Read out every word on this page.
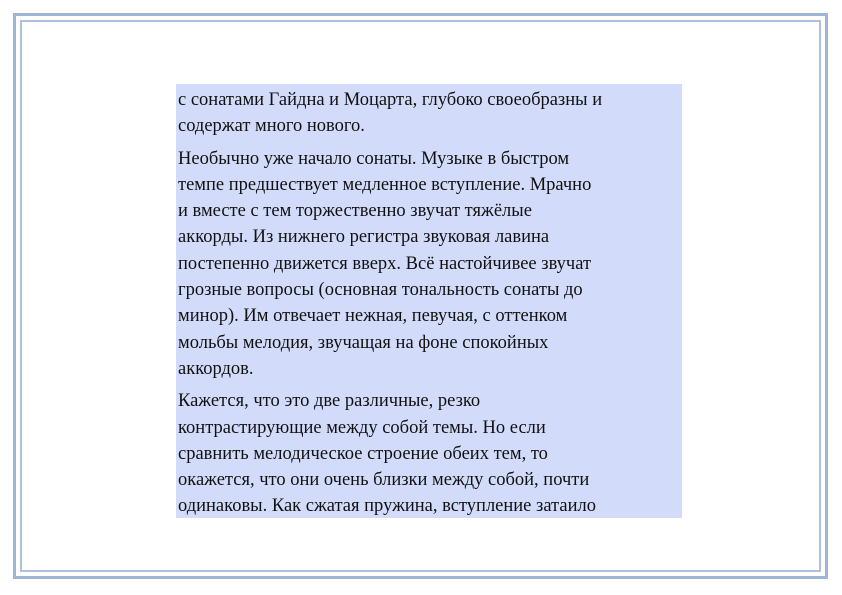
с сонатами Гайдна и Моцарта, глубоко своеобразны и
содержат много нового.

Необычно уже начало сонаты. Музыке в быстром
темпе предшествует медленное вступление. Мрачно
и вместе с тем торжественно звучат тяжёлые
аккорды. Из нижнего регистра звуковая лавина
постепенно движется вверх. Всё настойчивее звучат
грозные вопросы (основная тональность сонаты до
минор). Им отвечает нежная, певучая, с оттенком
мольбы мелодия, звучащая на фоне спокойных
аккордов.

Кажется, что это две различные, резко
контрастирующие между собой темы. Но если
сравнить мелодическое строение обеих тем, то
окажется, что они очень близки между собой, почти
одинаковы. Как сжатая пружина, вступление затаило
